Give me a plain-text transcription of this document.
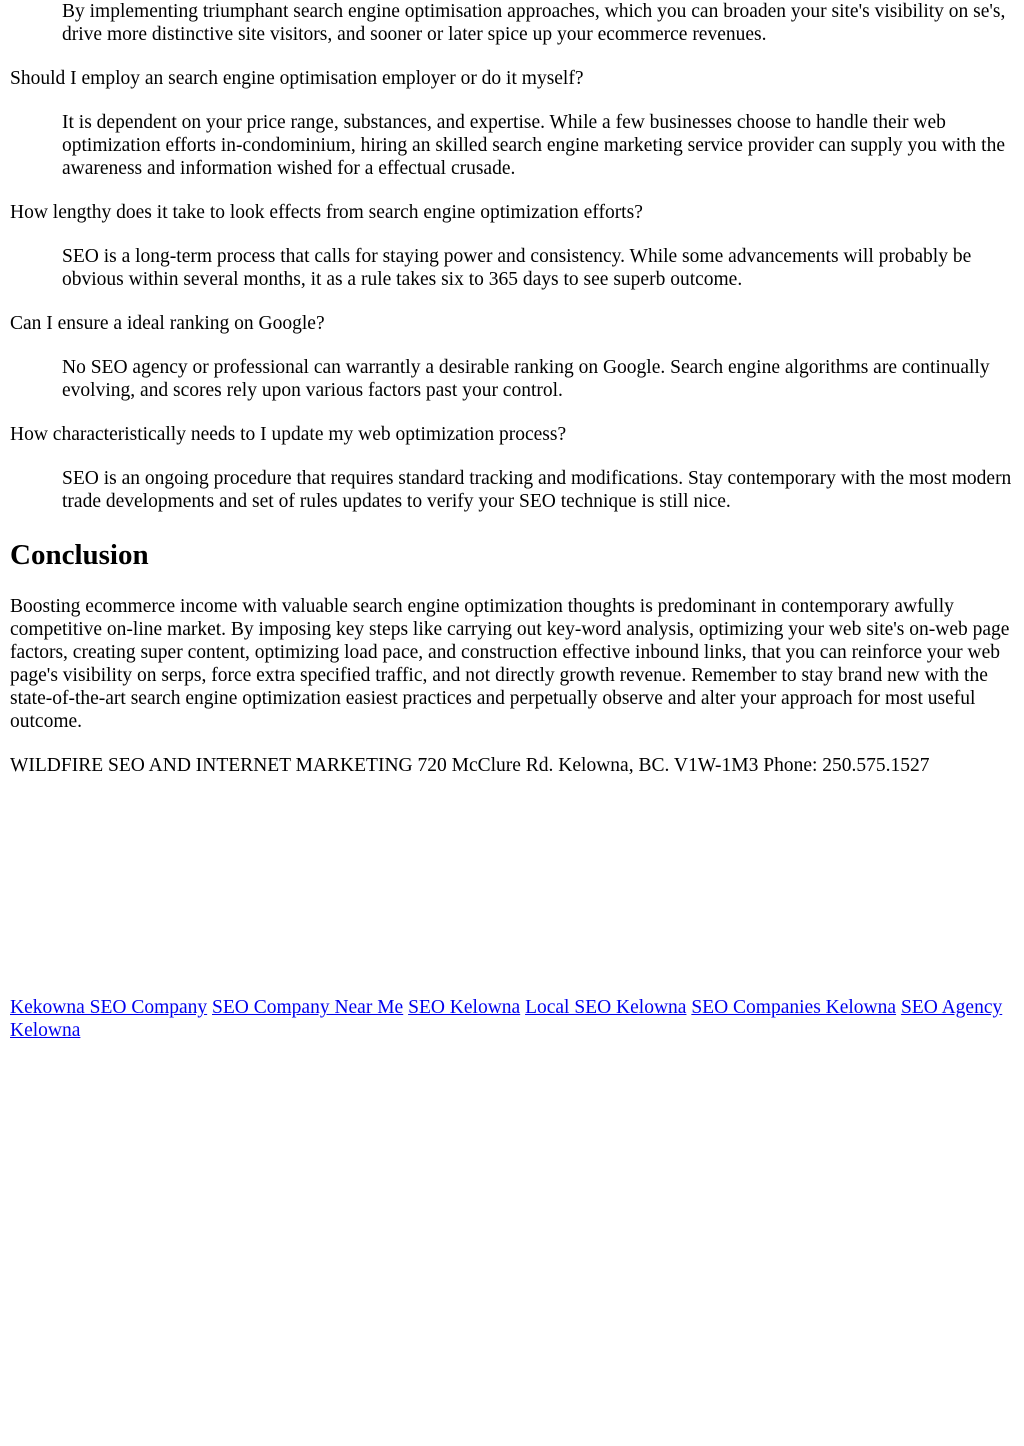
By implementing triumphant search engine optimisation approaches, which you can broaden your site's visibility on se's, drive more distinctive site visitors, and sooner or later spice up your ecommerce revenues.

Should I employ an search engine optimisation employer or do it myself?

It is dependent on your price range, substances, and expertise. While a few businesses choose to handle their web optimization efforts in-condominium, hiring an skilled search engine marketing service provider can supply you with the awareness and information wished for a effectual crusade.

How lengthy does it take to look effects from search engine optimization efforts?

SEO is a long-term process that calls for staying power and consistency. While some advancements will probably be obvious within several months, it as a rule takes six to 365 days to see superb outcome.

Can I ensure a ideal ranking on Google?

No SEO agency or professional can warrantly a desirable ranking on Google. Search engine algorithms are continually evolving, and scores rely upon various factors past your control.

How characteristically needs to I update my web optimization process?

SEO is an ongoing procedure that requires standard tracking and modifications. Stay contemporary with the most modern trade developments and set of rules updates to verify your SEO technique is still nice.

Conclusion

Boosting ecommerce income with valuable search engine optimization thoughts is predominant in contemporary awfully competitive on-line market. By imposing key steps like carrying out key-word analysis, optimizing your web site's on-web page factors, creating super content, optimizing load pace, and construction effective inbound links, that you can reinforce your web page's visibility on serps, force extra specified traffic, and not directly growth revenue. Remember to stay brand new with the state-of-the-art search engine optimization easiest practices and perpetually observe and alter your approach for most useful outcome.

WILDFIRE SEO AND INTERNET MARKETING 720 McClure Rd. Kelowna, BC. V1W-1M3 Phone: 250.575.1527

Kekowna SEO Company SEO Company Near Me SEO Kelowna Local SEO Kelowna SEO Companies Kelowna SEO Agency Kelowna
